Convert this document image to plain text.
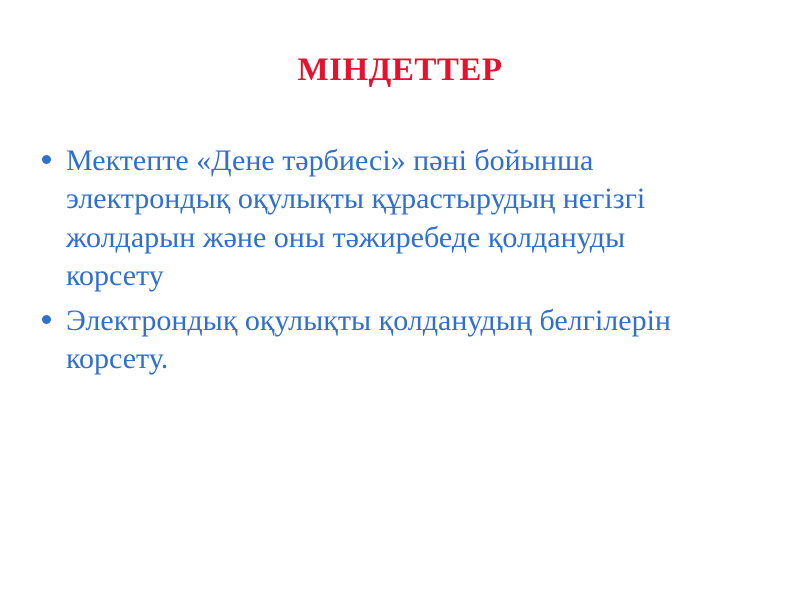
МІНДЕТТЕР
Мектепте «Дене тәрбиесі» пәні бойынша электрондық оқулықты құрастырудың негізгі жолдарын және оны тәжиребеде қолдануды корсету
Электрондық оқулықты қолданудың белгілерін корсету.
